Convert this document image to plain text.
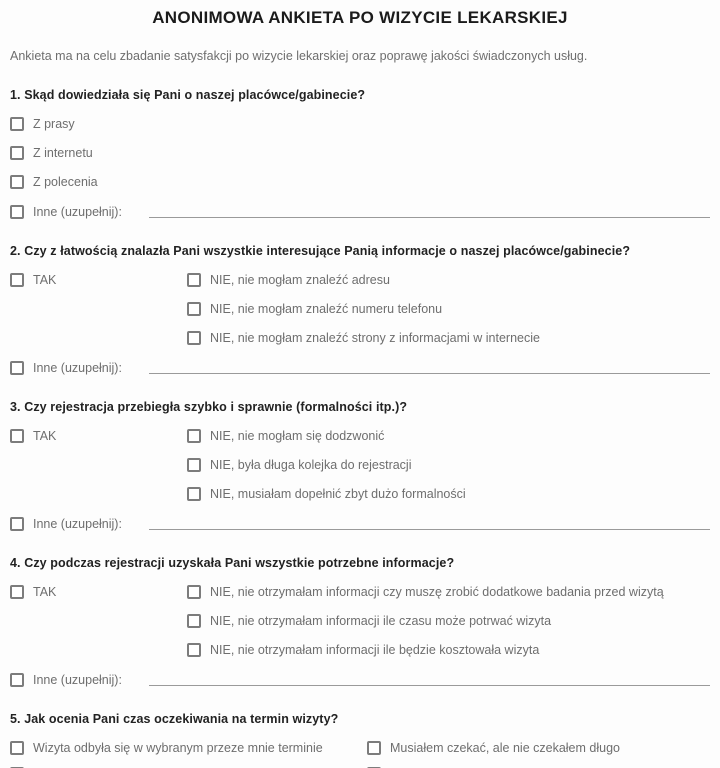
ANONIMOWA ANKIETA PO WIZYCIE LEKARSKIEJ
Ankieta ma na celu zbadanie satysfakcji po wizycie lekarskiej oraz poprawę jakości świadczonych usług.
1. Skąd dowiedziała się Pani o naszej placówce/gabinecie?
Z prasy
Z internetu
Z polecenia
Inne (uzupełnij):
2. Czy z łatwością znalazła Pani wszystkie interesujące Panią informacje o naszej placówce/gabinecie?
TAK	NIE, nie mogłam znaleźć adresu
NIE, nie mogłam znaleźć numeru telefonu
NIE, nie mogłam znaleźć strony z informacjami w internecie
Inne (uzupełnij):
3. Czy rejestracja przebiegła szybko i sprawnie (formalności itp.)?
TAK	NIE, nie mogłam się dodzwonić
NIE, była długa kolejka do rejestracji
NIE, musiałam dopełnić zbyt dużo formalności
Inne (uzupełnij):
4. Czy podczas rejestracji uzyskała Pani wszystkie potrzebne informacje?
TAK	NIE, nie otrzymałam informacji czy muszę zrobić dodatkowe badania przed wizytą
NIE, nie otrzymałam informacji ile czasu może potrwać wizyta
NIE, nie otrzymałam informacji ile będzie kosztowała wizyta
Inne (uzupełnij):
5. Jak ocenia Pani czas oczekiwania na termin wizyty?
Wizyta odbyła się w wybranym przeze mnie terminie	Musiałem czekać, ale nie czekałem długo
